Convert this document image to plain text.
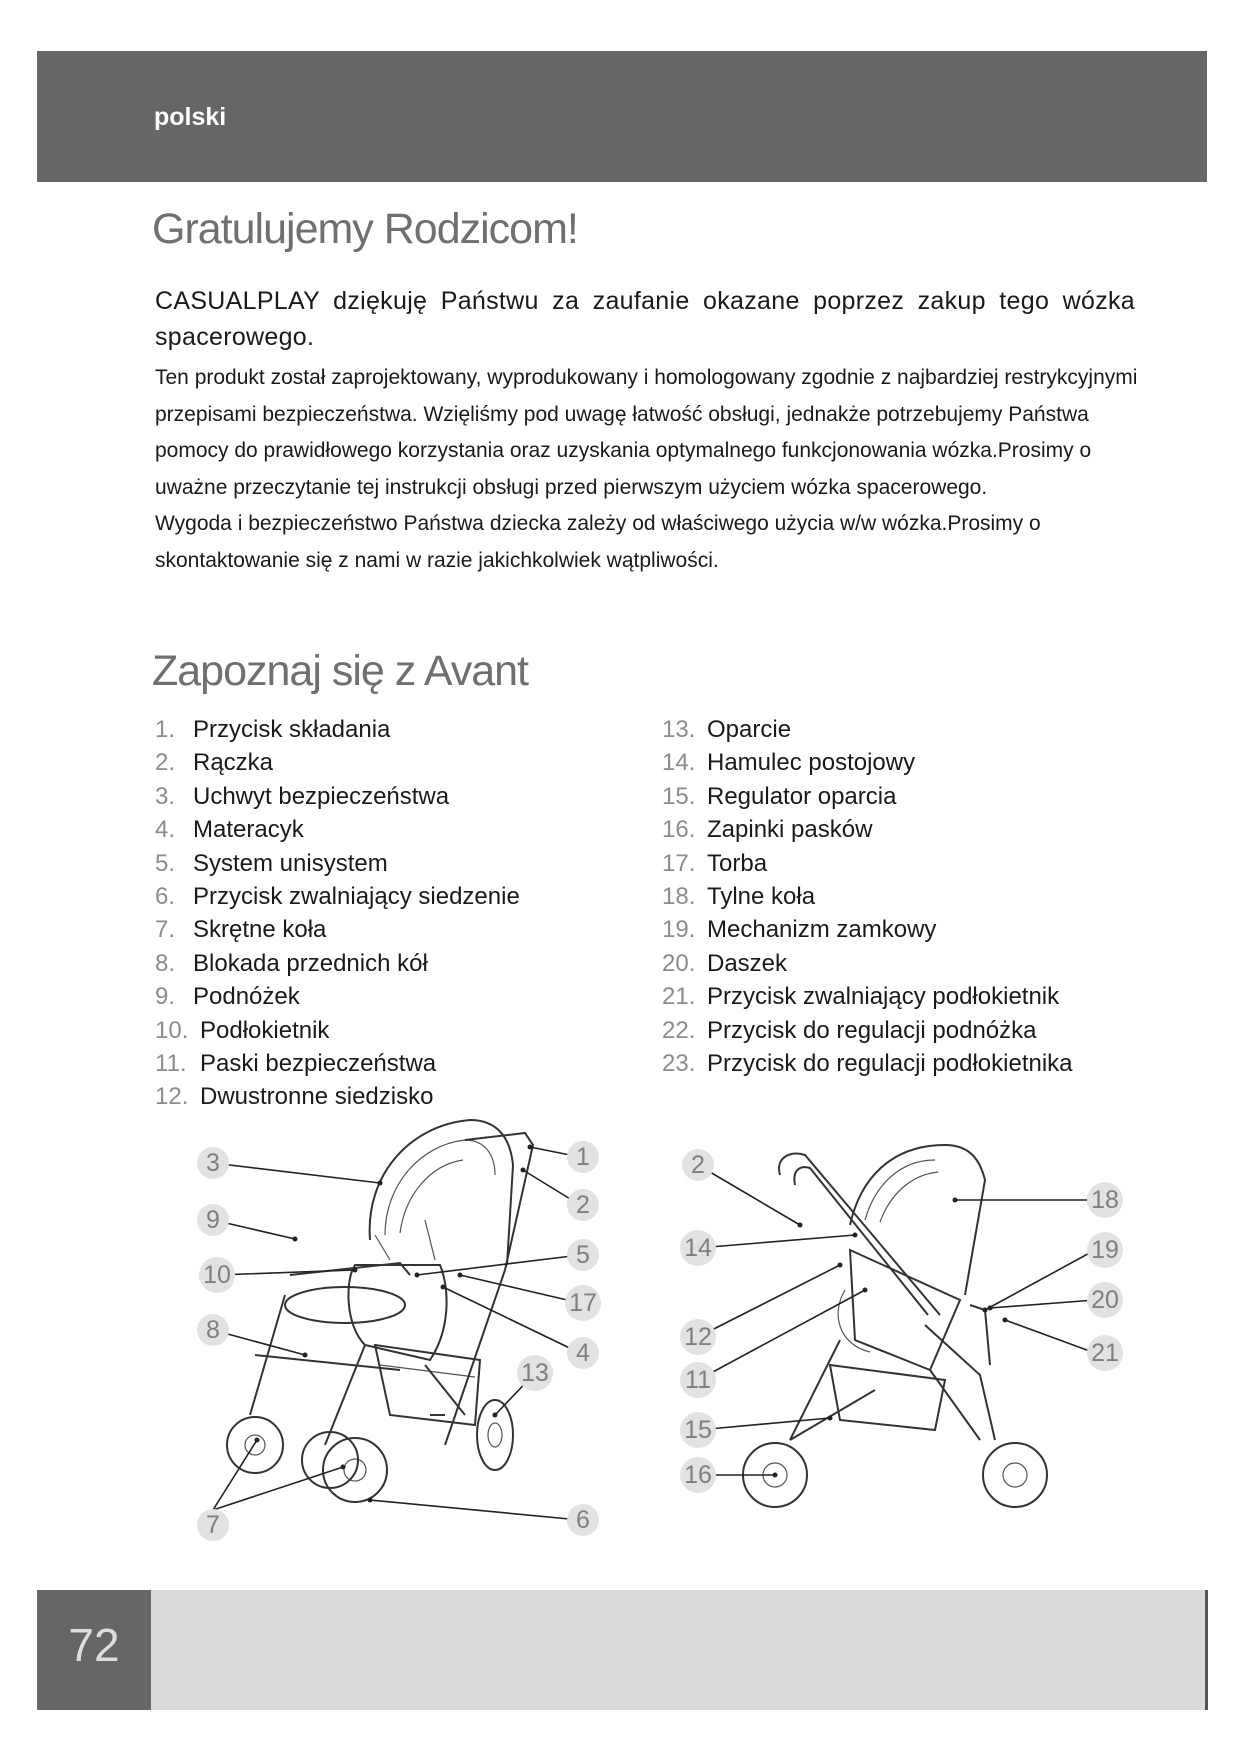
polski
Gratulujemy Rodzicom!
CASUALPLAY dziękuję Państwu za zaufanie okazane poprzez zakup tego wózka spacerowego.

Ten produkt został zaprojektowany, wyprodukowany i homologowany zgodnie z najbardziej restrykcyjnymi przepisami bezpieczeństwa. Wzięliśmy pod uwagę łatwość obsługi, jednakże potrzebujemy Państwa pomocy do prawidłowego korzystania oraz uzyskania optymalnego funkcjonowania wózka.Prosimy o uważne przeczytanie tej instrukcji obsługi przed pierwszym użyciem wózka spacerowego.

Wygoda i bezpieczeństwo Państwa dziecka zależy od właściwego użycia w/w wózka.Prosimy o skontaktowanie się z nami w razie jakichkolwiek wątpliwości.

Zapoznaj się z Avant
1. Przycisk składania
2. Rączka
3. Uchwyt bezpieczeństwa
4. Materacyk
5. System unisystem
6. Przycisk zwalniający siedzenie
7. Skrętne koła
8. Blokada przednich kół
9. Podnóżek
10. Podłokietnik
11. Paski bezpieczeństwa
12. Dwustronne siedzisko
13. Oparcie
14. Hamulec postojowy
15. Regulator oparcia
16. Zapinki pasków
17. Torba
18. Tylne koła
19. Mechanizm zamkowy
20. Daszek
21. Przycisk zwalniający podłokietnik
22. Przycisk do regulacji podnóżka
23. Przycisk do regulacji podłokietnika
3
9
10
8
7
1
2
5
17
4
13
6
2
14
12
11
15
16
18
19
20
21
72
